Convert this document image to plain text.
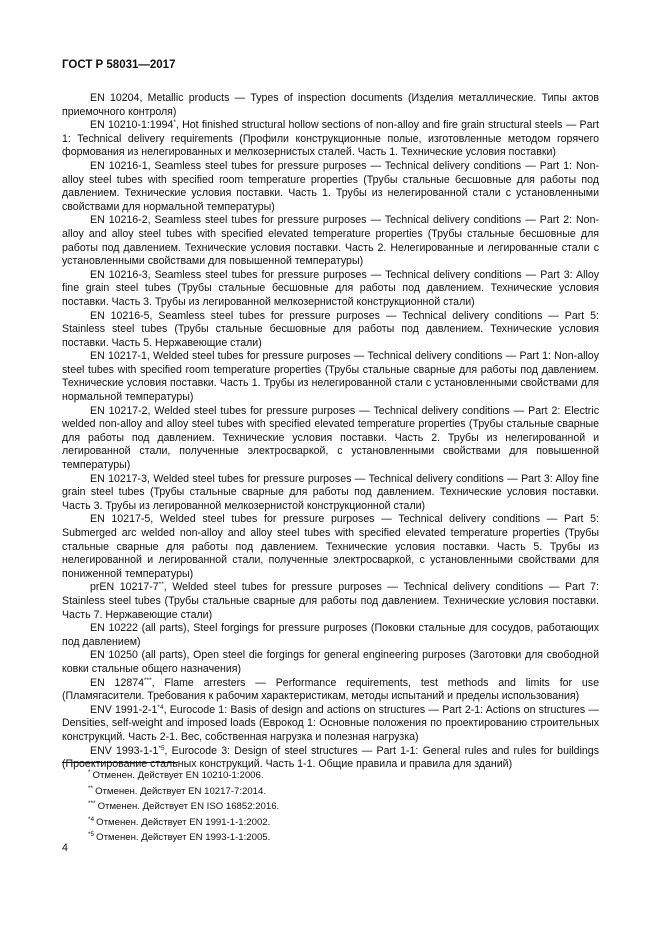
ГОСТ Р 58031—2017

EN 10204, Metallic products — Types of inspection documents (Изделия металлические. Типы актов приемочного контроля)

EN 10210-1:1994*, Hot finished structural hollow sections of non-alloy and fire grain structural steels — Part 1: Technical delivery requirements (Профили конструкционные полые, изготовленные методом горячего формования из нелегированных и мелкозернистых сталей. Часть 1. Технические условия поставки)

EN 10216-1, Seamless steel tubes for pressure purposes — Technical delivery conditions — Part 1: Non-alloy steel tubes with specified room temperature properties (Трубы стальные бесшовные для работы под давлением. Технические условия поставки. Часть 1. Трубы из нелегированной стали с установленными свойствами для нормальной температуры)

EN 10216-2, Seamless steel tubes for pressure purposes — Technical delivery conditions — Part 2: Non-alloy and alloy steel tubes with specified elevated temperature properties (Трубы стальные бесшовные для работы под давлением. Технические условия поставки. Часть 2. Нелегированные и легированные стали с установленными свойствами для повышенной температуры)

EN 10216-3, Seamless steel tubes for pressure purposes — Technical delivery conditions — Part 3: Alloy fine grain steel tubes (Трубы стальные бесшовные для работы под давлением. Технические условия поставки. Часть 3. Трубы из легированной мелкозернистой конструкционной стали)

EN 10216-5, Seamless steel tubes for pressure purposes — Technical delivery conditions — Part 5: Stainless steel tubes (Трубы стальные бесшовные для работы под давлением. Технические условия поставки. Часть 5. Нержавеющие стали)

EN 10217-1, Welded steel tubes for pressure purposes — Technical delivery conditions — Part 1: Non-alloy steel tubes with specified room temperature properties (Трубы стальные сварные для работы под давлением. Технические условия поставки. Часть 1. Трубы из нелегированной стали с установленными свойствами для нормальной температуры)

EN 10217-2, Welded steel tubes for pressure purposes — Technical delivery conditions — Part 2: Electric welded non-alloy and alloy steel tubes with specified elevated temperature properties (Трубы стальные сварные для работы под давлением. Технические условия поставки. Часть 2. Трубы из нелегированной и легированной стали, полученные электросваркой, с установленными свойствами для повышенной температуры)

EN 10217-3, Welded steel tubes for pressure purposes — Technical delivery conditions — Part 3: Alloy fine grain steel tubes (Трубы стальные сварные для работы под давлением. Технические условия поставки. Часть 3. Трубы из легированной мелкозернистой конструкционной стали)

EN 10217-5, Welded steel tubes for pressure purposes — Technical delivery conditions — Part 5: Submerged arc welded non-alloy and alloy steel tubes with specified elevated temperature properties (Трубы стальные сварные для работы под давлением. Технические условия поставки. Часть 5. Трубы из нелегированной и легированной стали, полученные электросваркой, с установленными свойствами для пониженной температуры)

prEN 10217-7**, Welded steel tubes for pressure purposes — Technical delivery conditions — Part 7: Stainless steel tubes (Трубы стальные сварные для работы под давлением. Технические условия поставки. Часть 7. Нержавеющие стали)

EN 10222 (all parts), Steel forgings for pressure purposes (Поковки стальные для сосудов, работающих под давлением)

EN 10250 (all parts), Open steel die forgings for general engineering purposes (Заготовки для свободной ковки стальные общего назначения)

EN 12874***, Flame arresters — Performance requirements, test methods and limits for use (Пламягасители. Требования к рабочим характеристикам, методы испытаний и пределы использования)

ENV 1991-2-1$^{*4}$, Eurocode 1: Basis of design and actions on structures — Part 2-1: Actions on structures — Densities, self-weight and imposed loads (Еврокод 1: Основные положения по проектированию строительных конструкций. Часть 2-1. Вес, собственная нагрузка и полезная нагрузка)

ENV 1993-1-1$^{*5}$, Eurocode 3: Design of steel structures — Part 1-1: General rules and rules for buildings (Проектирование стальных конструкций. Часть 1-1. Общие правила и правила для зданий)

* Отменен. Действует EN 10210-1:2006.

** Отменен. Действует EN 10217-7:2014.

*** Отменен. Действует EN ISO 16852:2016.

$^{*4}$ Отменен. Действует EN 1991-1-1:2002.

$^{*5}$ Отменен. Действует EN 1993-1-1:2005.

4
